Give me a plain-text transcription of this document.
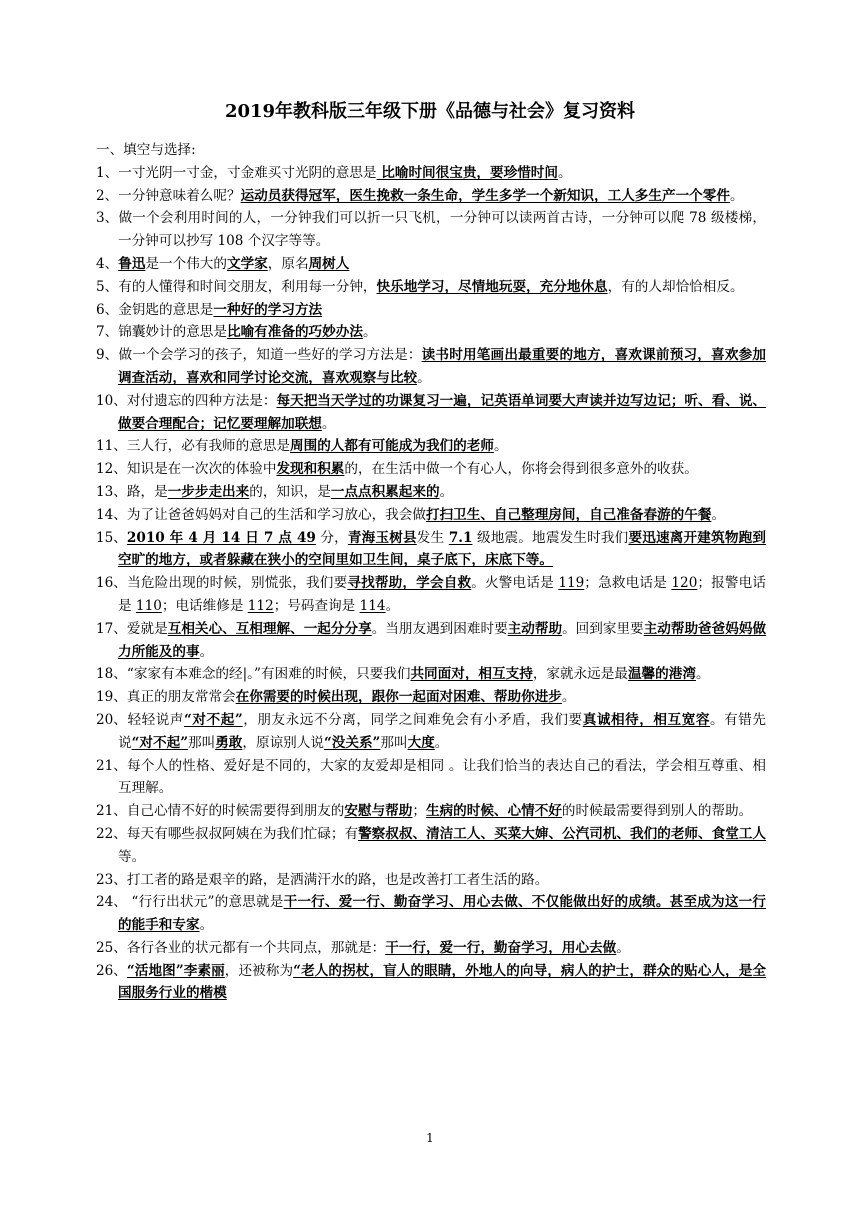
2019年教科版三年级下册《品德与社会》复习资料
一、填空与选择:
1、一寸光阴一寸金，寸金难买寸光阴的意思是 比喻时间很宝贵，要珍惜时间。
2、一分钟意味着么呢？运动员获得冠军，医生挽救一条生命，学生多学一个新知识，工人多生产一个零件。
3、做一个会利用时间的人，一分钟我们可以折一只飞机，一分钟可以读两首古诗，一分钟可以爬 78 级楼梯，一分钟可以抄写 108 个汉字等等。
4、鲁迅是一个伟大的文学家，原名周树人
5、有的人懂得和时间交朋友，利用每一分钟，快乐地学习，尽情地玩耍，充分地休息，有的人却恰恰相反。
6、金钥匙的意思是一种好的学习方法
7、锦囊妙计的意思是比喻有准备的巧妙办法。
9、做一个会学习的孩子，知道一些好的学习方法是：读书时用笔画出最重要的地方，喜欢课前预习，喜欢参加调查活动，喜欢和同学讨论交流，喜欢观察与比较。
10、对付遗忘的四种方法是：每天把当天学过的功课复习一遍，记英语单词要大声读并边写边记；听、看、说、做要合理配合；记忆要理解加联想。
11、三人行，必有我师的意思是周围的人都有可能成为我们的老师。
12、知识是在一次次的体验中发现和积累的，在生活中做一个有心人，你将会得到很多意外的收获。
13、路，是一步步走出来的，知识，是一点点积累起来的。
14、为了让爸爸妈妈对自己的生活和学习放心，我会做打扫卫生、自己整理房间，自己准备春游的午餐。
15、2010 年 4 月 14 日 7 点 49 分，青海玉树县发生 7.1 级地震。地震发生时我们要迅速离开建筑物跑到空旷的地方，或者躲藏在狭小的空间里如卫生间，桌子底下，床底下等。
16、当危险出现的时候，别慌张，我们要寻找帮助，学会自救。火警电话是 119；急救电话是 120；报警电话是 110；电话维修是 112；号码查询是 114。
17、爱就是互相关心、互相理解、一起分分享。当朋友遇到困难时要主动帮助。回到家里要主动帮助爸爸妈妈做力所能及的事。
18、“家家有本难念的经|。”有困难的时候，只要我们共同面对，相互支持，家就永远是最温馨的港湾。
19、真正的朋友常常会在你需要的时候出现，跟你一起面对困难、帮助你进步。
20、轻轻说声“对不起”，朋友永远不分离，同学之间难免会有小矛盾，我们要真诚相待，相互宽容。有错先说“对不起”那叫勇敢，原谅别人说“没关系”那叫大度。
21、每个人的性格、爱好是不同的，大家的友爱却是相同 。让我们恰当的表达自己的看法，学会相互尊重、相互理解。
21、自己心情不好的时候需要得到朋友的安慰与帮助；生病的时候、心情不好的时候最需要得到别人的帮助。
22、每天有哪些叔叔阿姨在为我们忙碌；有警察叔叔、清洁工人、买菜大婶、公汽司机、我们的老师、食堂工人等。
23、打工者的路是艰辛的路，是洒满汗水的路，也是改善打工者生活的路。
24、 “行行出状元”的意思就是干一行、爱一行、勤奋学习、用心去做、不仅能做出好的成绩。甚至成为这一行的能手和专家。
25、各行各业的状元都有一个共同点，那就是：干一行，爱一行，勤奋学习，用心去做。
26、“活地图”李素丽，还被称为“老人的拐杖，盲人的眼睛，外地人的向导，病人的护士，群众的贴心人，是全国服务行业的楷模
1
